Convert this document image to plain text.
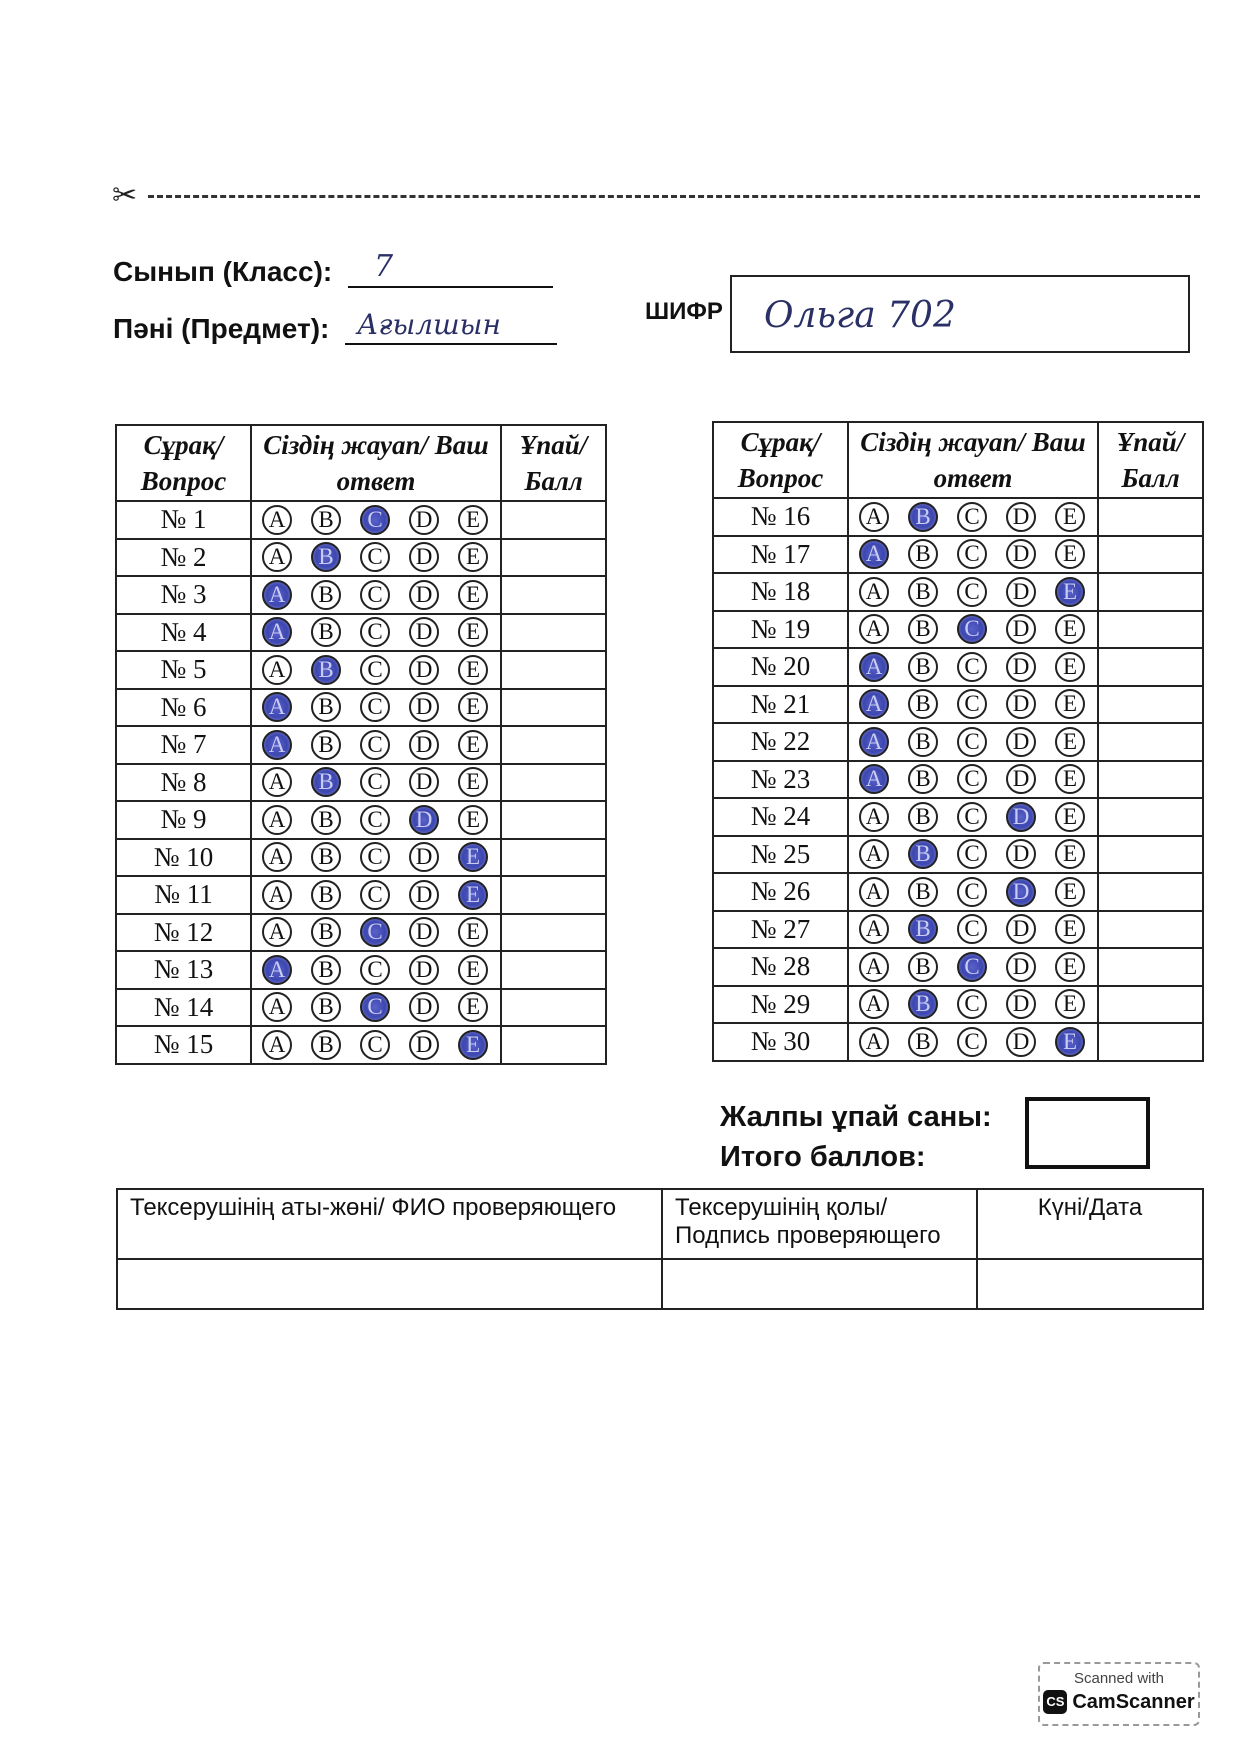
✂
Сынып (Класс): 7
Пәні (Предмет): Ағылшын	ШИФР Ольга 702
Сұрақ/ Вопрос	Сіздің жауап/ Ваш ответ	Ұпай/ Балл
№ 1	A B C D E	
№ 2	A B C D E	
№ 3	A B C D E	
№ 4	A B C D E	
№ 5	A B C D E	
№ 6	A B C D E	
№ 7	A B C D E	
№ 8	A B C D E	
№ 9	A B C D E	
№ 10	A B C D E	
№ 11	A B C D E	
№ 12	A B C D E	
№ 13	A B C D E	
№ 14	A B C D E	
№ 15	A B C D E	
Сұрақ/ Вопрос	Сіздің жауап/ Ваш ответ	Ұпай/ Балл
№ 16	A B C D E	
№ 17	A B C D E	
№ 18	A B C D E	
№ 19	A B C D E	
№ 20	A B C D E	
№ 21	A B C D E	
№ 22	A B C D E	
№ 23	A B C D E	
№ 24	A B C D E	
№ 25	A B C D E	
№ 26	A B C D E	
№ 27	A B C D E	
№ 28	A B C D E	
№ 29	A B C D E	
№ 30	A B C D E	
Жалпы ұпай саны:
Итого баллов:
Тексерушінің аты-жөні/ ФИО проверяющего	Тексерушінің қолы/ Подпись проверяющего	Күні/Дата

Scanned with
CS CamScanner
